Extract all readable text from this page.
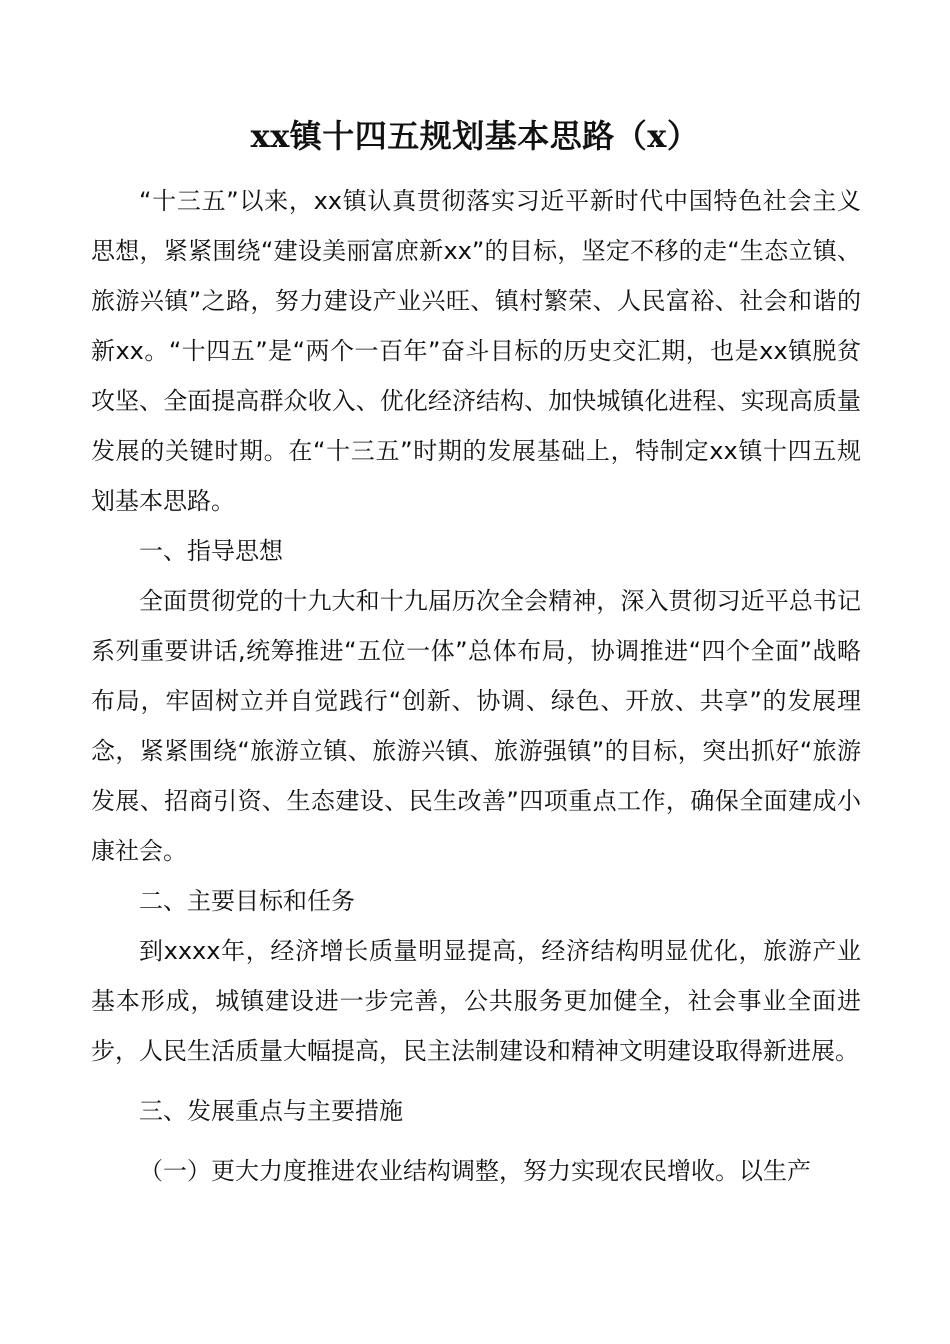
xx镇十四五规划基本思路（x）

“十三五”以来，xx镇认真贯彻落实习近平新时代中国特色社会主义思想，紧紧围绕“建设美丽富庶新xx”的目标，坚定不移的走“生态立镇、旅游兴镇”之路，努力建设产业兴旺、镇村繁荣、人民富裕、社会和谐的新xx。“十四五”是“两个一百年”奋斗目标的历史交汇期，也是xx镇脱贫攻坚、全面提高群众收入、优化经济结构、加快城镇化进程、实现高质量发展的关键时期。在“十三五”时期的发展基础上，特制定xx镇十四五规划基本思路。

一、指导思想

全面贯彻党的十九大和十九届历次全会精神，深入贯彻习近平总书记系列重要讲话,统筹推进“五位一体”总体布局，协调推进“四个全面”战略布局，牢固树立并自觉践行“创新、协调、绿色、开放、共享”的发展理念，紧紧围绕“旅游立镇、旅游兴镇、旅游强镇”的目标，突出抓好“旅游发展、招商引资、生态建设、民生改善”四项重点工作，确保全面建成小康社会。

二、主要目标和任务

到xxxx年，经济增长质量明显提高，经济结构明显优化，旅游产业基本形成，城镇建设进一步完善，公共服务更加健全，社会事业全面进步，人民生活质量大幅提高，民主法制建设和精神文明建设取得新进展。

三、发展重点与主要措施

（一）更大力度推进农业结构调整，努力实现农民增收。以生产
